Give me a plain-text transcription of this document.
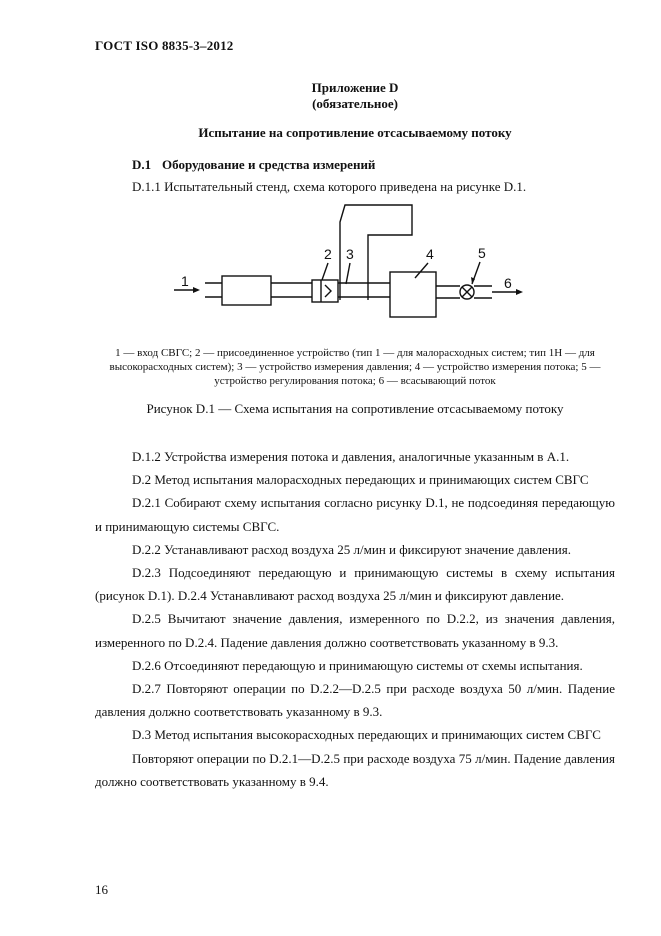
ГОСТ ISO 8835-3–2012
Приложение D
(обязательное)
Испытание на сопротивление отсасываемому потоку
D.1 Оборудование и средства измерений
D.1.1 Испытательный стенд, схема которого приведена на рисунке D.1.
1
2 3	4	5
6
1 — вход СВГС; 2 — присоединенное устройство (тип 1 — для малорасходных систем; тип 1Н — для высокорасходных систем); 3 — устройство измерения давления; 4 — устройство измерения потока; 5 — устройство регулирования потока; 6 — всасывающий поток
Рисунок D.1 — Схема испытания на сопротивление отсасываемому потоку

D.1.2 Устройства измерения потока и давления, аналогичные указанным в А.1.

D.2 Метод испытания малорасходных передающих и принимающих систем СВГС

D.2.1 Собирают схему испытания согласно рисунку D.1, не подсоединяя передающую и принимающую системы СВГС.

D.2.2 Устанавливают расход воздуха 25 л/мин и фиксируют значение давления.

D.2.3 Подсоединяют передающую и принимающую системы в схему испытания (рисунок D.1). D.2.4 Устанавливают расход воздуха 25 л/мин и фиксируют давление.

D.2.5 Вычитают значение давления, измеренного по D.2.2, из значения давления, измеренного по D.2.4. Падение давления должно соответствовать указанному в 9.3.

D.2.6 Отсоединяют передающую и принимающую системы от схемы испытания.

D.2.7 Повторяют операции по D.2.2—D.2.5 при расходе воздуха 50 л/мин. Падение давления должно соответствовать указанному в 9.3.

D.3 Метод испытания высокорасходных передающих и принимающих систем СВГС

Повторяют операции по D.2.1—D.2.5 при расходе воздуха 75 л/мин. Падение давления должно соответствовать указанному в 9.4.

16
